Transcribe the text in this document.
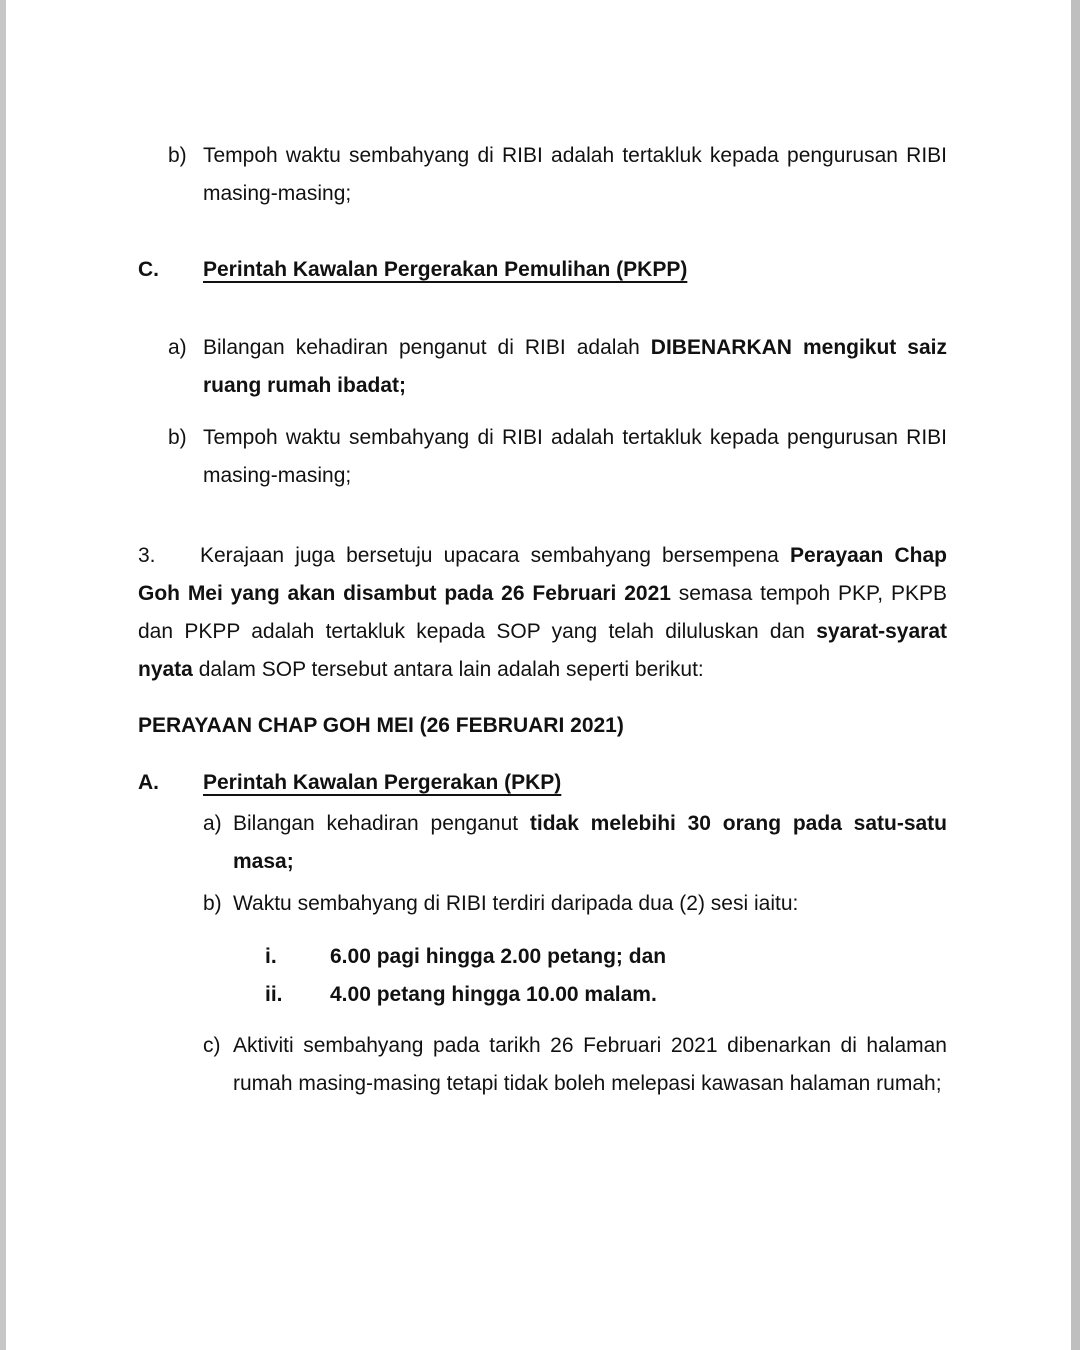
b) Tempoh waktu sembahyang di RIBI adalah tertakluk kepada pengurusan RIBI masing-masing;
C.	Perintah Kawalan Pergerakan Pemulihan (PKPP)
a) Bilangan kehadiran penganut di RIBI adalah DIBENARKAN mengikut saiz ruang rumah ibadat;
b) Tempoh waktu sembahyang di RIBI adalah tertakluk kepada pengurusan RIBI masing-masing;
3. Kerajaan juga bersetuju upacara sembahyang bersempena Perayaan Chap Goh Mei yang akan disambut pada 26 Februari 2021 semasa tempoh PKP, PKPB dan PKPP adalah tertakluk kepada SOP yang telah diluluskan dan syarat-syarat nyata dalam SOP tersebut antara lain adalah seperti berikut:
PERAYAAN CHAP GOH MEI (26 FEBRUARI 2021)
A.	Perintah Kawalan Pergerakan (PKP)
a) Bilangan kehadiran penganut tidak melebihi 30 orang pada satu-satu masa;
b) Waktu sembahyang di RIBI terdiri daripada dua (2) sesi iaitu:
i.	6.00 pagi hingga 2.00 petang; dan
ii.	4.00 petang hingga 10.00 malam.
c) Aktiviti sembahyang pada tarikh 26 Februari 2021 dibenarkan di halaman rumah masing-masing tetapi tidak boleh melepasi kawasan halaman rumah;
